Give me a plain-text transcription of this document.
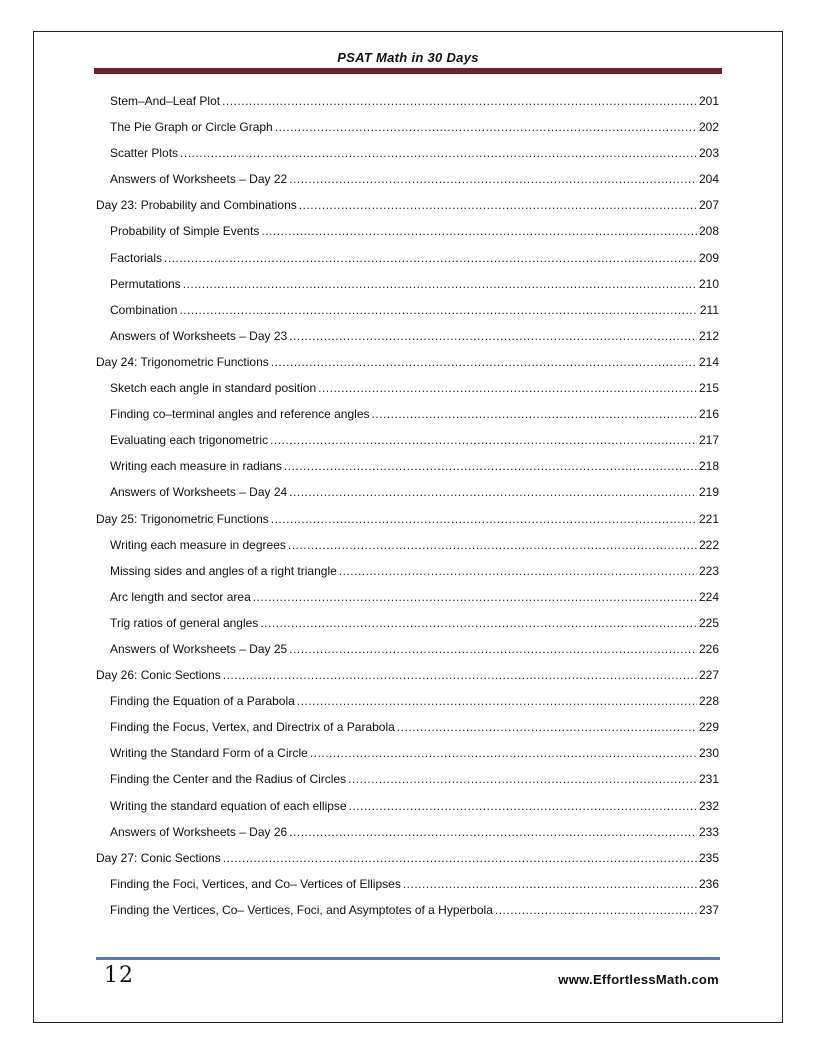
PSAT Math in 30 Days
Stem–And–Leaf Plot .....	201
The Pie Graph or Circle Graph .....	202
Scatter Plots .....	203
Answers of Worksheets – Day 22 .....	204
Day 23: Probability and Combinations .....	207
Probability of Simple Events .....	208
Factorials .....	209
Permutations .....	210
Combination .....	211
Answers of Worksheets – Day 23 .....	212
Day 24: Trigonometric Functions .....	214
Sketch each angle in standard position .....	215
Finding co–terminal angles and reference angles .....	216
Evaluating each trigonometric .....	217
Writing each measure in radians .....	218
Answers of Worksheets – Day 24 .....	219
Day 25: Trigonometric Functions .....	221
Writing each measure in degrees .....	222
Missing sides and angles of a right triangle .....	223
Arc length and sector area .....	224
Trig ratios of general angles .....	225
Answers of Worksheets – Day 25 .....	226
Day 26: Conic Sections .....	227
Finding the Equation of a Parabola .....	228
Finding the Focus, Vertex, and Directrix of a Parabola .....	229
Writing the Standard Form of a Circle .....	230
Finding the Center and the Radius of Circles .....	231
Writing the standard equation of each ellipse .....	232
Answers of Worksheets – Day 26 .....	233
Day 27: Conic Sections .....	235
Finding the Foci, Vertices, and Co– Vertices of Ellipses .....	236
Finding the Vertices, Co– Vertices, Foci, and Asymptotes of a Hyperbola .....	237
12	www.EffortlessMath.com
